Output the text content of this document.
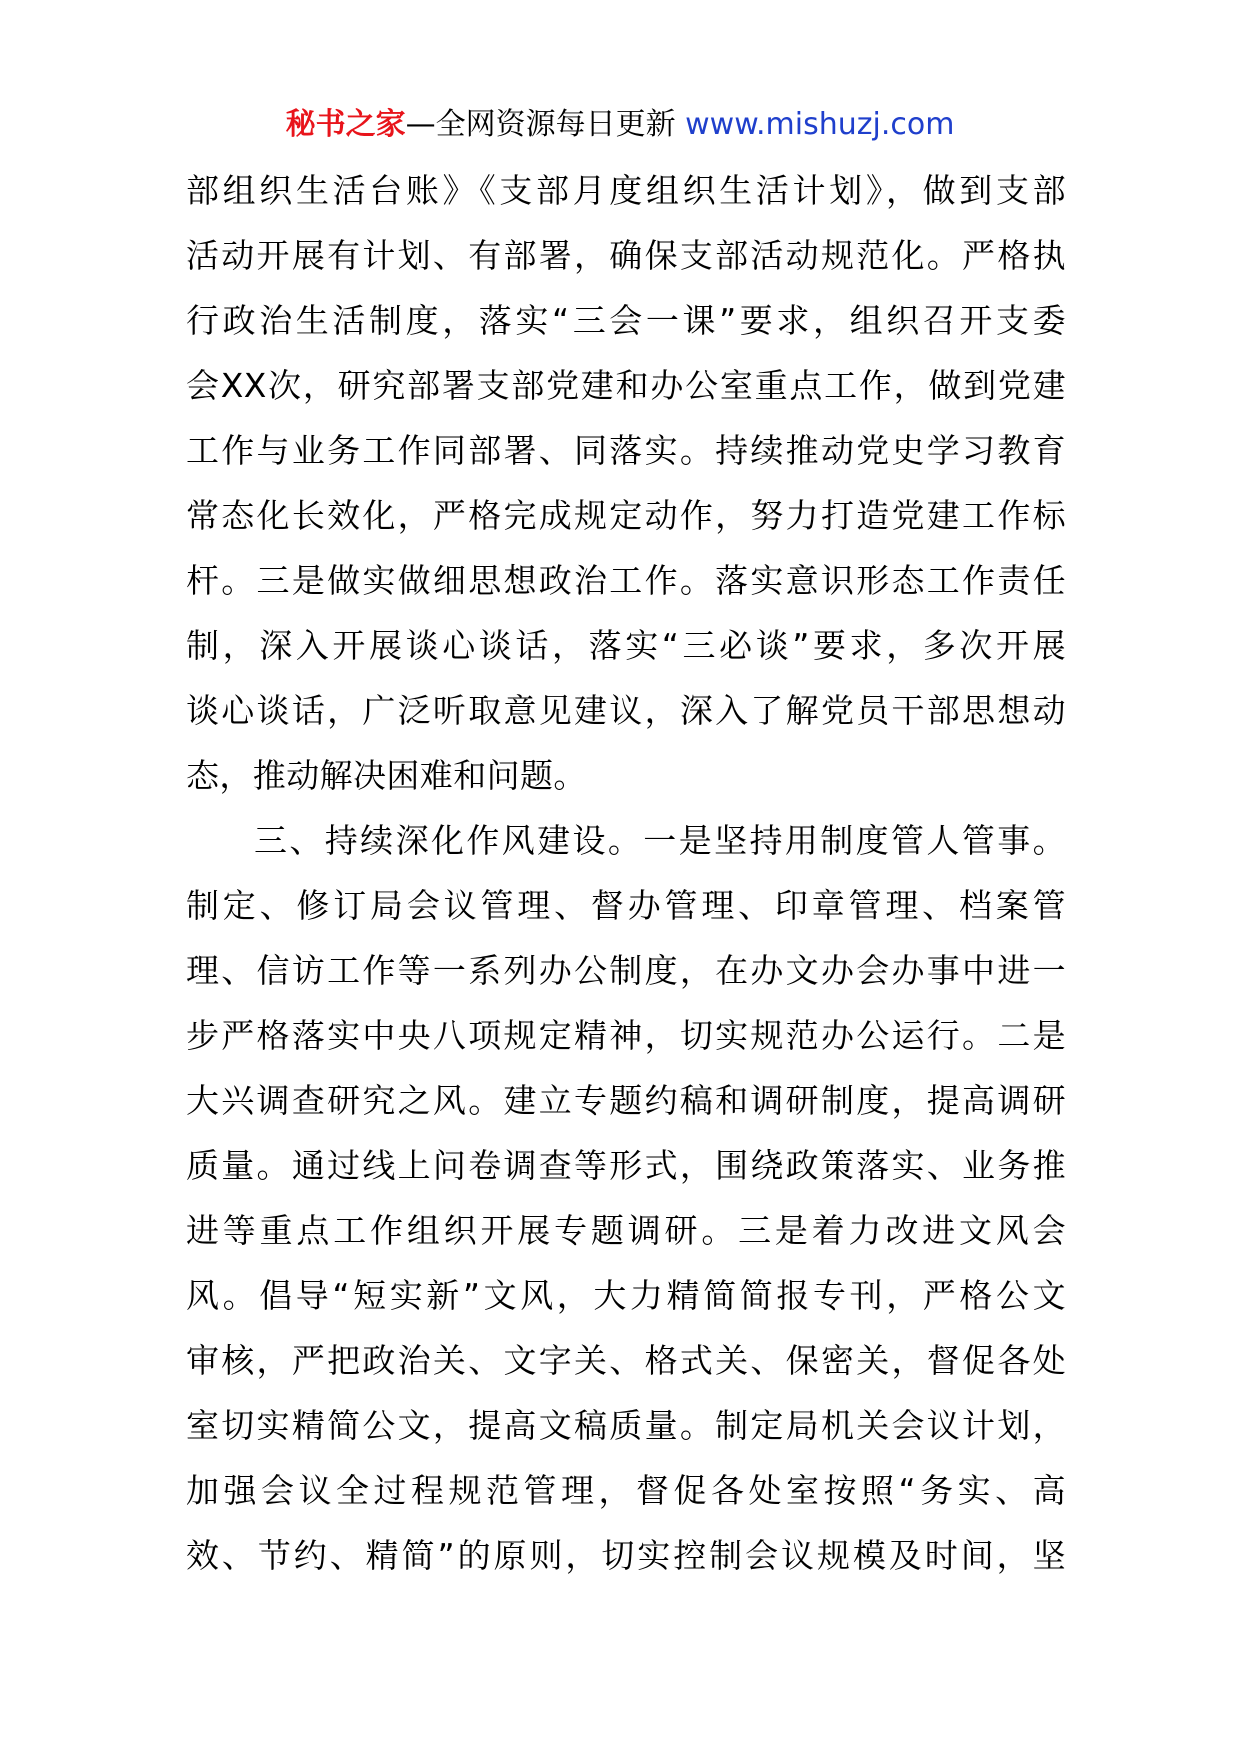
秘书之家—全网资源每日更新 www.mishuzj.com
部组织生活台账》《支部月度组织生活计划》，做到支部
活动开展有计划、有部署，确保支部活动规范化。严格执
行政治生活制度，落实“三会一课”要求，组织召开支委
会XX次，研究部署支部党建和办公室重点工作，做到党建
工作与业务工作同部署、同落实。持续推动党史学习教育
常态化长效化，严格完成规定动作，努力打造党建工作标
杆。三是做实做细思想政治工作。落实意识形态工作责任
制，深入开展谈心谈话，落实“三必谈”要求，多次开展
谈心谈话，广泛听取意见建议，深入了解党员干部思想动
态，推动解决困难和问题。
三、持续深化作风建设。一是坚持用制度管人管事。
制定、修订局会议管理、督办管理、印章管理、档案管
理、信访工作等一系列办公制度，在办文办会办事中进一
步严格落实中央八项规定精神，切实规范办公运行。二是
大兴调查研究之风。建立专题约稿和调研制度，提高调研
质量。通过线上问卷调查等形式，围绕政策落实、业务推
进等重点工作组织开展专题调研。三是着力改进文风会
风。倡导“短实新”文风，大力精简简报专刊，严格公文
审核，严把政治关、文字关、格式关、保密关，督促各处
室切实精简公文，提高文稿质量。制定局机关会议计划，
加强会议全过程规范管理，督促各处室按照“务实、高
效、节约、精简”的原则，切实控制会议规模及时间，坚
